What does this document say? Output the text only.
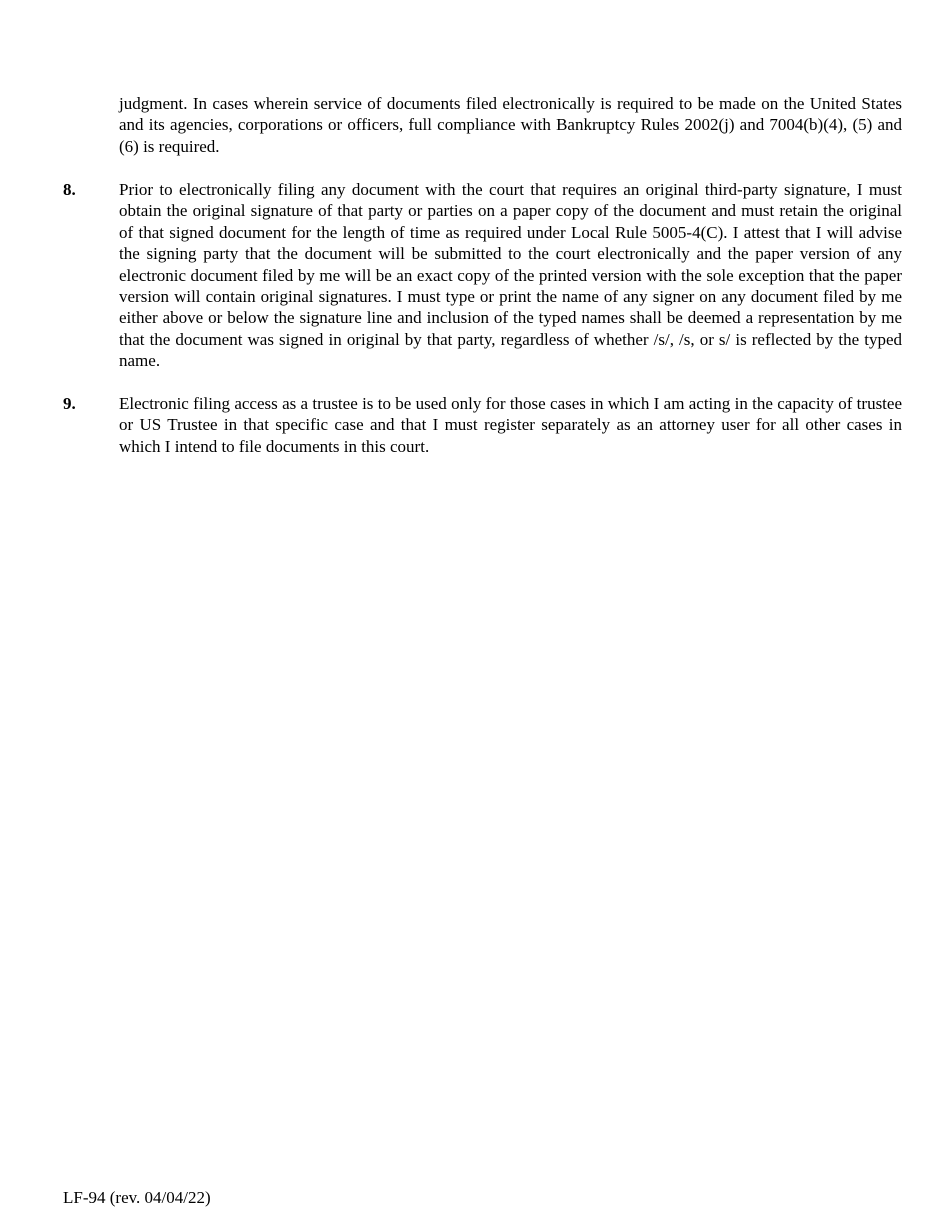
judgment. In cases wherein service of documents filed electronically is required to be made on the United States and its agencies, corporations or officers, full compliance with Bankruptcy Rules 2002(j) and 7004(b)(4), (5) and (6) is required.

8.	Prior to electronically filing any document with the court that requires an original third-party signature, I must obtain the original signature of that party or parties on a paper copy of the document and must retain the original of that signed document for the length of time as required under Local Rule 5005-4(C). I attest that I will advise the signing party that the document will be submitted to the court electronically and the paper version of any electronic document filed by me will be an exact copy of the printed version with the sole exception that the paper version will contain original signatures. I must type or print the name of any signer on any document filed by me either above or below the signature line and inclusion of the typed names shall be deemed a representation by me that the document was signed in original by that party, regardless of whether /s/, /s, or s/ is reflected by the typed name.

9.	Electronic filing access as a trustee is to be used only for those cases in which I am acting in the capacity of trustee or US Trustee in that specific case and that I must register separately as an attorney user for all other cases in which I intend to file documents in this court.

LF-94 (rev. 04/04/22)
